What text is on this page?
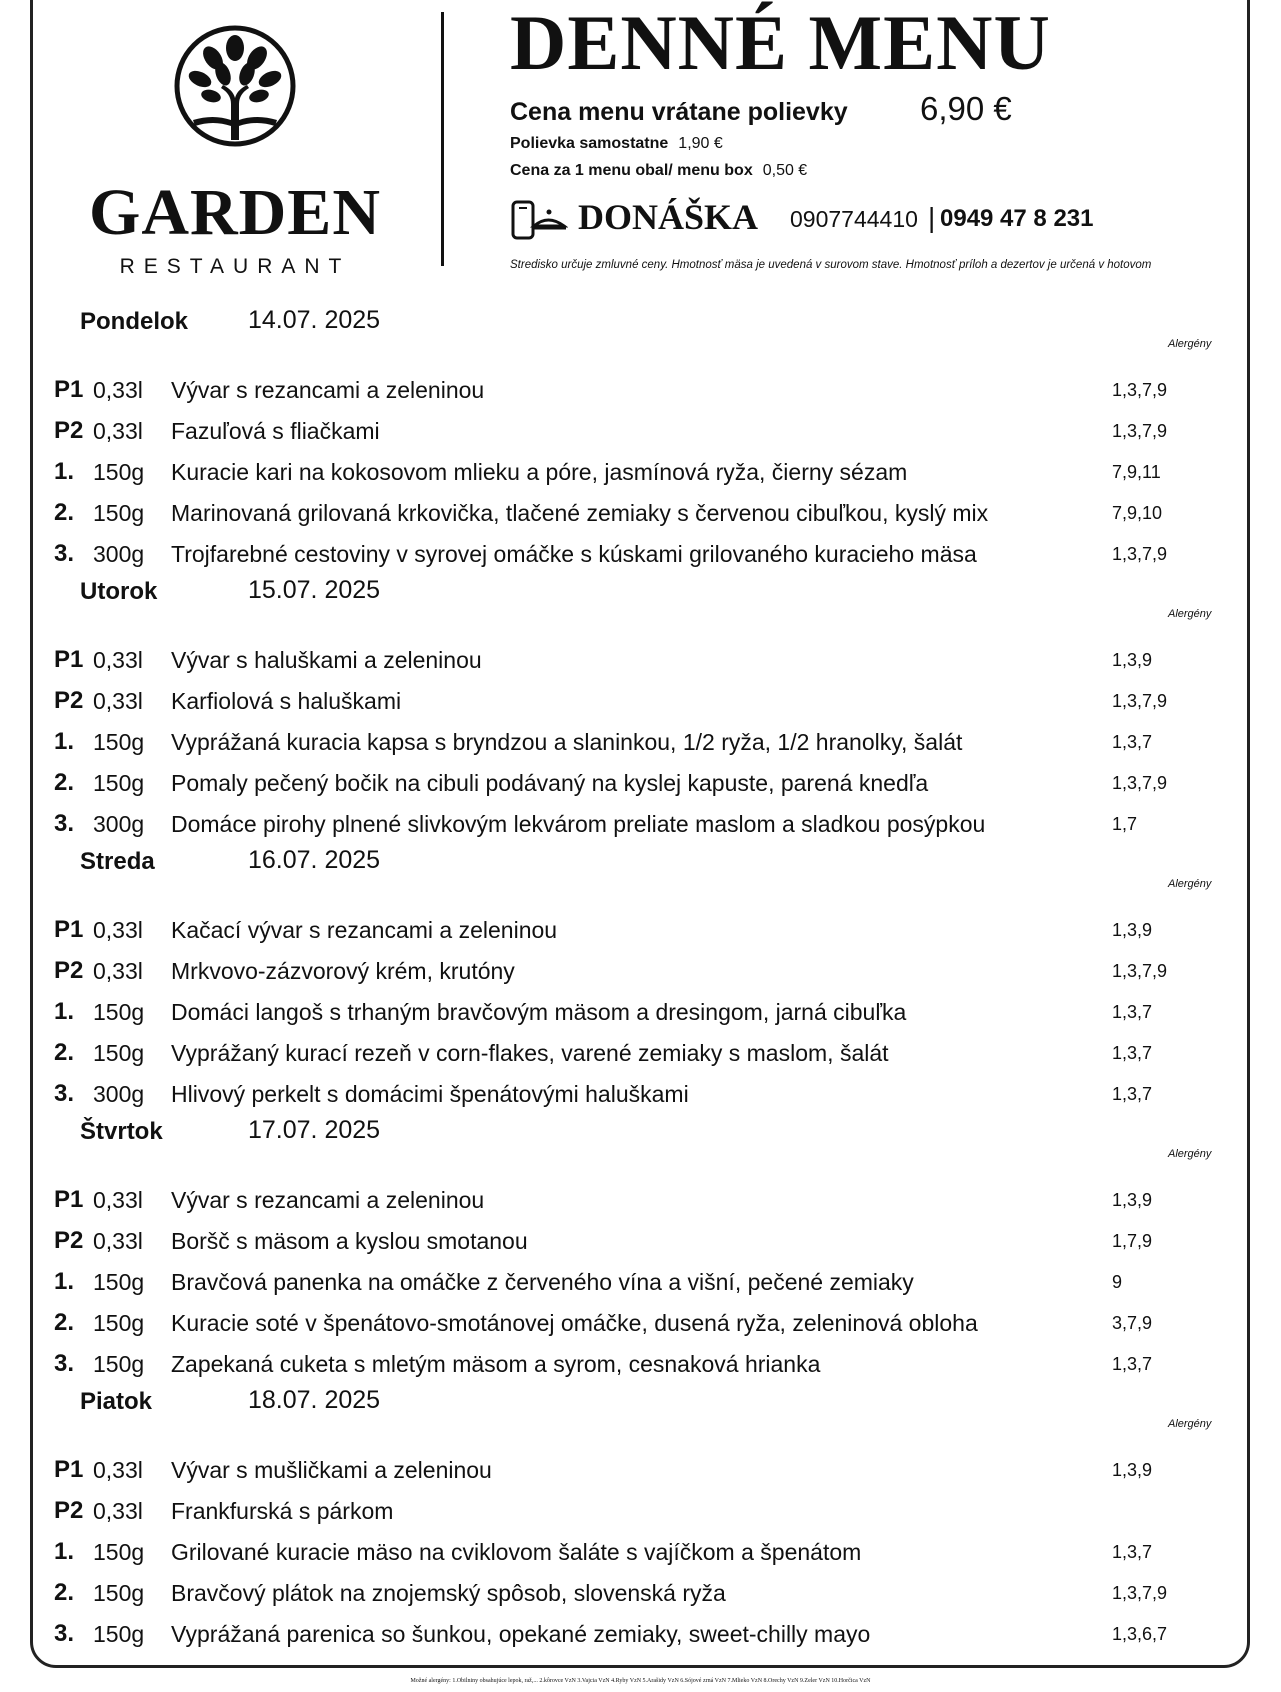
GARDEN
RESTAURANT
DENNÉ MENU
Cena menu vrátane polievky 6,90 €
Polievka samostatne 1,90 €
Cena za 1 menu obal/ menu box 0,50 €
DONÁŠKA 0907744410 | 0949 47 8 231
Stredisko určuje zmluvné ceny. Hmotnosť mäsa je uvedená v surovom stave. Hmotnosť príloh a dezertov je určená v hotovom
Pondelok 14.07. 2025
Alergény
P1 0,33l Vývar s rezancami a zeleninou	1,3,7,9
P2 0,33l Fazuľová s fliačkami	1,3,7,9
1. 150g Kuracie kari na kokosovom mlieku a póre, jasmínová ryža, čierny sézam	7,9,11
2. 150g Marinovaná grilovaná krkovička, tlačené zemiaky s červenou cibuľkou, kyslý mix	7,9,10
3. 300g Trojfarebné cestoviny v syrovej omáčke s kúskami grilovaného kuracieho mäsa	1,3,7,9
Utorok	15.07. 2025
Alergény
P1 0,33l Vývar s haluškami a zeleninou	1,3,9
P2 0,33l Karfiolová s haluškami	1,3,7,9
1. 150g Vyprážaná kuracia kapsa s bryndzou a slaninkou, 1/2 ryža, 1/2 hranolky, šalát	1,3,7
2. 150g Pomaly pečený bočik na cibuli podávaný na kyslej kapuste, parená knedľa	1,3,7,9
3. 300g Domáce pirohy plnené slivkovým lekvárom preliate maslom a sladkou posýpkou	1,7
Streda	16.07. 2025
Alergény
P1 0,33l Kačací vývar s rezancami a zeleninou	1,3,9
P2 0,33l Mrkvovo-zázvorový krém, krutóny	1,3,7,9
1. 150g Domáci langoš s trhaným bravčovým mäsom a dresingom, jarná cibuľka	1,3,7
2. 150g Vyprážaný kurací rezeň v corn-flakes, varené zemiaky s maslom, šalát	1,3,7
3. 300g Hlivový perkelt s domácimi špenátovými haluškami	1,3,7
Štvrtok	17.07. 2025
Alergény
P1 0,33l Vývar s rezancami a zeleninou	1,3,9
P2 0,33l Boršč s mäsom a kyslou smotanou	1,7,9
1. 150g Bravčová panenka na omáčke z červeného vína a višní, pečené zemiaky	9
2. 150g Kuracie soté v špenátovo-smotánovej omáčke, dusená ryža, zeleninová obloha	3,7,9
3. 150g Zapekaná cuketa s mletým mäsom a syrom, cesnaková hrianka	1,3,7
Piatok	18.07. 2025
Alergény
P1 0,33l Vývar s mušličkami a zeleninou	1,3,9
P2 0,33l Frankfurská s párkom
1. 150g Grilované kuracie mäso na cviklovom šaláte s vajíčkom a špenátom	1,3,7
2. 150g Bravčový plátok na znojemský spôsob, slovenská ryža	1,3,7,9
3. 150g Vyprážaná parenica so šunkou, opekané zemiaky, sweet-chilly mayo	1,3,6,7
Možné alergény: 1.Obilniny obsahujúce lepok, raž,... 2.kôrovce VzN 3.Vajcia VzN 4.Ryby VzN 5.Arašidy VzN 6.Sójové zrná VzN 7.Mlieko VzN 8.Orechy VzN 9.Zeler VzN 10.Horčica VzN
